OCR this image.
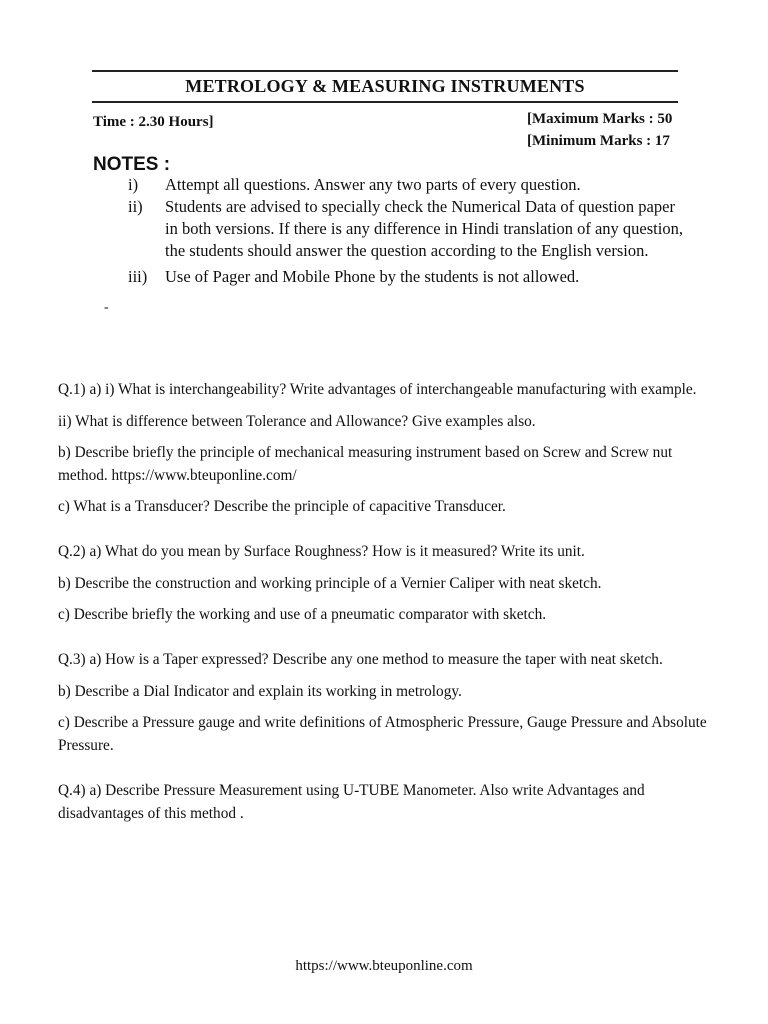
METROLOGY & MEASURING INSTRUMENTS
Time : 2.30 Hours]	[Maximum Marks : 50
[Minimum Marks : 17
NOTES :
i)	Attempt all questions. Answer any two parts of every question.
ii)	Students are advised to specially check the Numerical Data of question paper in both versions. If there is any difference in Hindi translation of any question, the students should answer the question according to the English version.
iii)	Use of Pager and Mobile Phone by the students is not allowed.
-

Q.1) a) i) What is interchangeability? Write advantages of interchangeable manufacturing with example.

ii) What is difference between Tolerance and Allowance? Give examples also.

b) Describe briefly the principle of mechanical measuring instrument based on Screw and Screw nut method. https://www.bteuponline.com/

c) What is a Transducer? Describe the principle of capacitive Transducer.

Q.2) a) What do you mean by Surface Roughness? How is it measured? Write its unit.

b) Describe the construction and working principle of a Vernier Caliper with neat sketch.

c) Describe briefly the working and use of a pneumatic comparator with sketch.

Q.3) a) How is a Taper expressed? Describe any one method to measure the taper with neat sketch.

b) Describe a Dial Indicator and explain its working in metrology.

c) Describe a Pressure gauge and write definitions of Atmospheric Pressure, Gauge Pressure and Absolute Pressure.

Q.4) a) Describe Pressure Measurement using U-TUBE Manometer. Also write Advantages and disadvantages of this method .

https://www.bteuponline.com
